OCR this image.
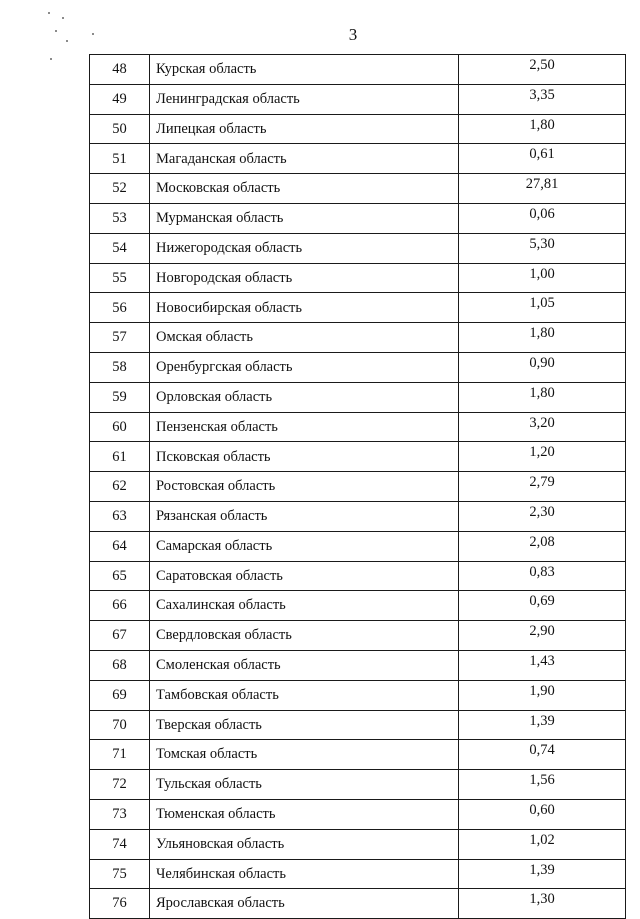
3
48	Курская область	2,50
49	Ленинградская область	3,35
50	Липецкая область	1,80
51	Магаданская область	0,61
52	Московская область	27,81
53	Мурманская область	0,06
54	Нижегородская область	5,30
55	Новгородская область	1,00
56	Новосибирская область	1,05
57	Омская область	1,80
58	Оренбургская область	0,90
59	Орловская область	1,80
60	Пензенская область	3,20
61	Псковская область	1,20
62	Ростовская область	2,79
63	Рязанская область	2,30
64	Самарская область	2,08
65	Саратовская область	0,83
66	Сахалинская область	0,69
67	Свердловская область	2,90
68	Смоленская область	1,43
69	Тамбовская область	1,90
70	Тверская область	1,39
71	Томская область	0,74
72	Тульская область	1,56
73	Тюменская область	0,60
74	Ульяновская область	1,02
75	Челябинская область	1,39
76	Ярославская область	1,30
